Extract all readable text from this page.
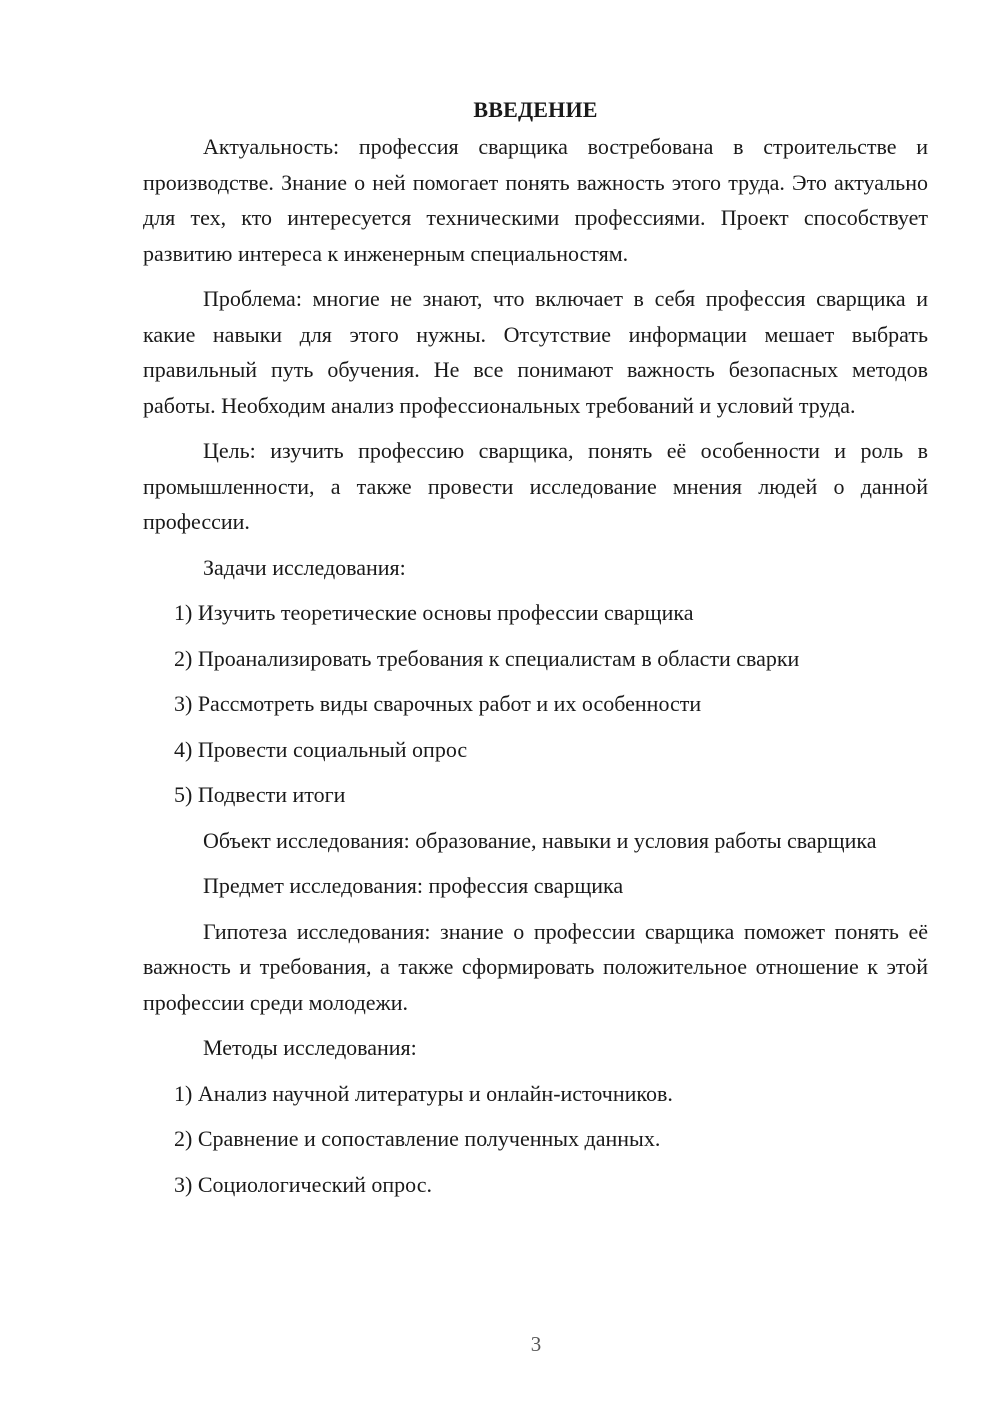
ВВЕДЕНИЕ

Актуальность: профессия сварщика востребована в строительстве и производстве. Знание о ней помогает понять важность этого труда. Это актуально для тех, кто интересуется техническими профессиями. Проект способствует развитию интереса к инженерным специальностям.

Проблема: многие не знают, что включает в себя профессия сварщика и какие навыки для этого нужны. Отсутствие информации мешает выбрать правильный путь обучения. Не все понимают важность безопасных методов работы. Необходим анализ профессиональных требований и условий труда.

Цель: изучить профессию сварщика, понять её особенности и роль в промышленности, а также провести исследование мнения людей о данной профессии.

Задачи исследования:

1) Изучить теоретические основы профессии сварщика

2) Проанализировать требования к специалистам в области сварки

3) Рассмотреть виды сварочных работ и их особенности

4) Провести социальный опрос

5) Подвести итоги

Объект исследования: образование, навыки и условия работы сварщика

Предмет исследования: профессия сварщика

Гипотеза исследования: знание о профессии сварщика поможет понять её важность и требования, а также сформировать положительное отношение к этой профессии среди молодежи.

Методы исследования:

1) Анализ научной литературы и онлайн-источников.

2) Сравнение и сопоставление полученных данных.

3) Социологический опрос.

3
